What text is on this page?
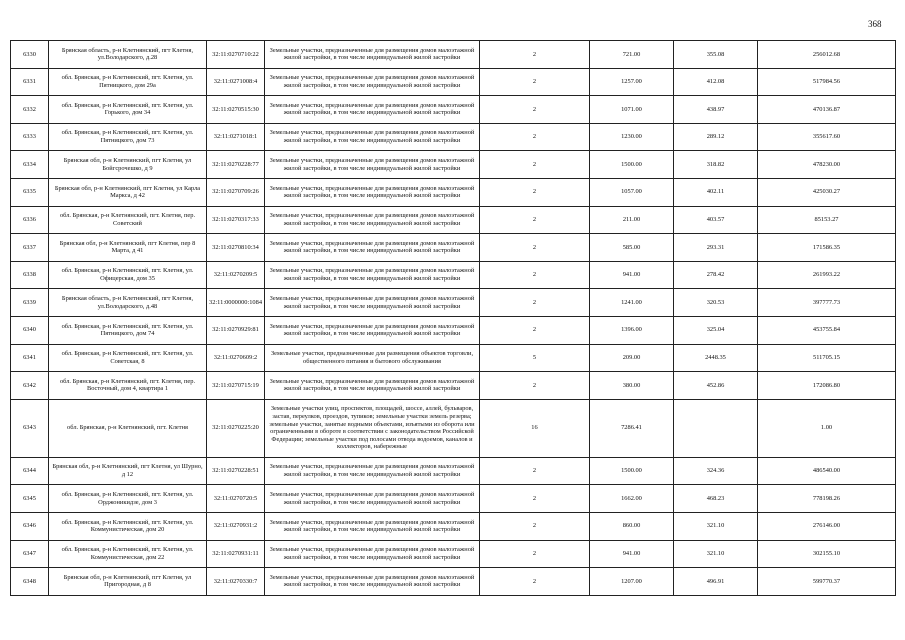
368
6330	Брянская область, р-н Клетнянский, пгт Клетня, ул.Володарского, д.28	32:11:0270710:22	Земельные участки, предназначенные для размещения домов малоэтажной жилой застройки, в том числе индивидуальной жилой застройки	2	721.00	355.08	256012.68
6331	обл. Брянская, р-н Клетнянский, пгт. Клетня, ул. Пятницкого, дом 29а	32:11:0271008:4	Земельные участки, предназначенные для размещения домов малоэтажной жилой застройки, в том числе индивидуальной жилой застройки	2	1257.00	412.08	517984.56
6332	обл. Брянская, р-н Клетнянский, пгт. Клетня, ул. Горького, дом 34	32:11:0270515:30	Земельные участки, предназначенные для размещения домов малоэтажной жилой застройки, в том числе индивидуальной жилой застройки	2	1071.00	438.97	470136.87
6333	обл. Брянская, р-н Клетнянский, пгт. Клетня, ул. Пятницкого, дом 73	32:11:0271018:1	Земельные участки, предназначенные для размещения домов малоэтажной жилой застройки, в том числе индивидуальной жилой застройки	2	1230.00	289.12	355617.60
6334	Брянская обл, р-н Клетнянский, пгт Клетня, ул Бойгсрочешко, д 9	32:11:0270228:77	Земельные участки, предназначенные для размещения домов малоэтажной жилой застройки, в том числе индивидуальной жилой застройки	2	1500.00	318.82	478230.00
6335	Брянская обл, р-н Клетнянский, пгт Клетня, ул Карла Маркса, д 42	32:11:0270709:26	Земельные участки, предназначенные для размещения домов малоэтажной жилой застройки, в том числе индивидуальной жилой застройки	2	1057.00	402.11	425030.27
6336	обл. Брянская, р-н Клетнянский, пгт. Клетня, пер. Советский	32:11:0270317:33	Земельные участки, предназначенные для размещения домов малоэтажной жилой застройки, в том числе индивидуальной жилой застройки	2	211.00	403.57	85153.27
6337	Брянская обл, р-н Клетнянский, пгт Клетня, пер 8 Марта, д 41	32:11:0270810:34	Земельные участки, предназначенные для размещения домов малоэтажной жилой застройки, в том числе индивидуальной жилой застройки	2	585.00	293.31	171586.35
6338	обл. Брянская, р-н Клетнянский, пгт. Клетня, ул. Офицерская, дом 35	32:11:0270209:5	Земельные участки, предназначенные для размещения домов малоэтажной жилой застройки, в том числе индивидуальной жилой застройки	2	941.00	278.42	261993.22
6339	Брянская область, р-н Клетнянский, пгт Клетня, ул.Володарского, д.48	32:11:0000000:1084	Земельные участки, предназначенные для размещения домов малоэтажной жилой застройки, в том числе индивидуальной жилой застройки	2	1241.00	320.53	397777.73
6340	обл. Брянская, р-н Клетнянский, пгт. Клетня, ул. Пятницкого, дом 74	32:11:0270929:81	Земельные участки, предназначенные для размещения домов малоэтажной жилой застройки, в том числе индивидуальной жилой застройки	2	1396.00	325.04	453755.84
6341	обл. Брянская, р-н Клетнянский, пгт. Клетня, ул. Советская, 8	32:11:0270609:2	Земельные участки, предназначенные для размещения объектов торговли, общественного питания и бытового обслуживания	5	209.00	2448.35	511705.15
6342	обл. Брянская, р-н Клетнянский, пгт. Клетня, пер. Восточный, дом 4, квартира 1	32:11:0270715:19	Земельные участки, предназначенные для размещения домов малоэтажной жилой застройки, в том числе индивидуальной жилой застройки	2	380.00	452.86	172086.80
6343	обл. Брянская, р-н Клетнянский, пгт. Клетня	32:11:0270225:20	Земельные участки улиц, проспектов, площадей, шоссе, аллей, бульваров, застав, переулков, проездов, тупиков; земельные участки земель резерва; земельные участки, занятые водными объектами, изъятыми из оборота или ограниченными в обороте в соответствии с законодательством Российской Федерации; земельные участки под полосами отвода водоемов, каналов и коллекторов, набережные	16	7286.41		1.00
6344	Брянская обл, р-н Клетнянский, пгт Клетня, ул Шурно, д 12	32:11:0270228:51	Земельные участки, предназначенные для размещения домов малоэтажной жилой застройки, в том числе индивидуальной жилой застройки	2	1500.00	324.36	486540.00
6345	обл. Брянская, р-н Клетнянский, пгт. Клетня, ул. Орджоникидзе, дом 3	32:11:0270720:5	Земельные участки, предназначенные для размещения домов малоэтажной жилой застройки, в том числе индивидуальной жилой застройки	2	1662.00	468.23	778198.26
6346	обл. Брянская, р-н Клетнянский, пгт. Клетня, ул. Коммунистическая, дом 20	32:11:0270931:2	Земельные участки, предназначенные для размещения домов малоэтажной жилой застройки, в том числе индивидуальной жилой застройки	2	860.00	321.10	276146.00
6347	обл. Брянская, р-н Клетнянский, пгт. Клетня, ул. Коммунистическая, дом 22	32:11:0270931:11	Земельные участки, предназначенные для размещения домов малоэтажной жилой застройки, в том числе индивидуальной жилой застройки	2	941.00	321.10	302155.10
6348	Брянская обл, р-н Клетнянский, пгт Клетня, ул Пригородная, д 8	32:11:0270330:7	Земельные участки, предназначенные для размещения домов малоэтажной жилой застройки, в том числе индивидуальной жилой застройки	2	1207.00	496.91	599770.37
